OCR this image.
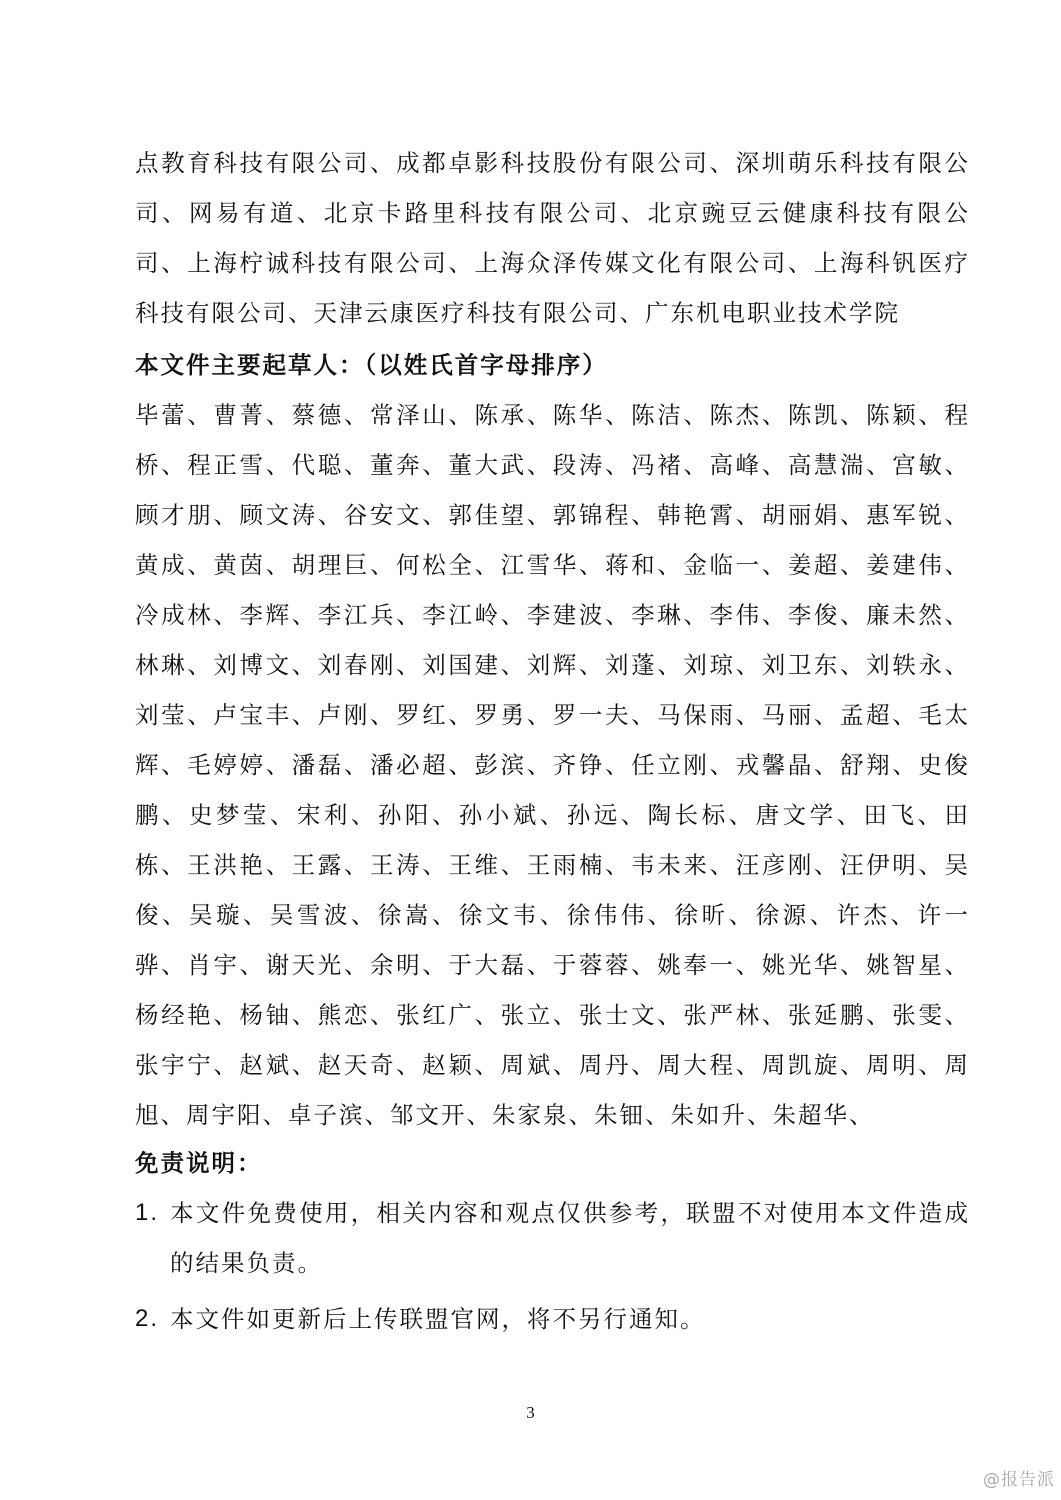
点教育科技有限公司、成都卓影科技股份有限公司、深圳萌乐科技有限公司、网易有道、北京卡路里科技有限公司、北京豌豆云健康科技有限公司、上海柠诚科技有限公司、上海众泽传媒文化有限公司、上海科钒医疗科技有限公司、天津云康医疗科技有限公司、广东机电职业技术学院

本文件主要起草人：（以姓氏首字母排序）

毕蕾、曹菁、蔡德、常泽山、陈承、陈华、陈洁、陈杰、陈凯、陈颖、程桥、程正雪、代聪、董奔、董大武、段涛、冯褚、高峰、高慧湍、宫敏、顾才朋、顾文涛、谷安文、郭佳望、郭锦程、韩艳霄、胡丽娟、惠军锐、黄成、黄茵、胡理巨、何松全、江雪华、蒋和、金临一、姜超、姜建伟、冷成林、李辉、李江兵、李江岭、李建波、李琳、李伟、李俊、廉未然、林琳、刘博文、刘春刚、刘国建、刘辉、刘蓬、刘琼、刘卫东、刘轶永、刘莹、卢宝丰、卢刚、罗红、罗勇、罗一夫、马保雨、马丽、孟超、毛太辉、毛婷婷、潘磊、潘必超、彭滨、齐铮、任立刚、戎馨晶、舒翔、史俊鹏、史梦莹、宋利、孙阳、孙小斌、孙远、陶长标、唐文学、田飞、田栋、王洪艳、王露、王涛、王维、王雨楠、韦未来、汪彦刚、汪伊明、吴俊、吴璇、吴雪波、徐嵩、徐文韦、徐伟伟、徐昕、徐源、许杰、许一骅、肖宇、谢天光、余明、于大磊、于蓉蓉、姚奉一、姚光华、姚智星、杨经艳、杨铀、熊恋、张红广、张立、张士文、张严林、张延鹏、张雯、张宇宁、赵斌、赵天奇、赵颖、周斌、周丹、周大程、周凯旋、周明、周旭、周宇阳、卓子滨、邹文开、朱家泉、朱钿、朱如升、朱超华、

免责说明：

1. 本文件免费使用，相关内容和观点仅供参考，联盟不对使用本文件造成的结果负责。
2. 本文件如更新后上传联盟官网，将不另行通知。
3
@报告派
